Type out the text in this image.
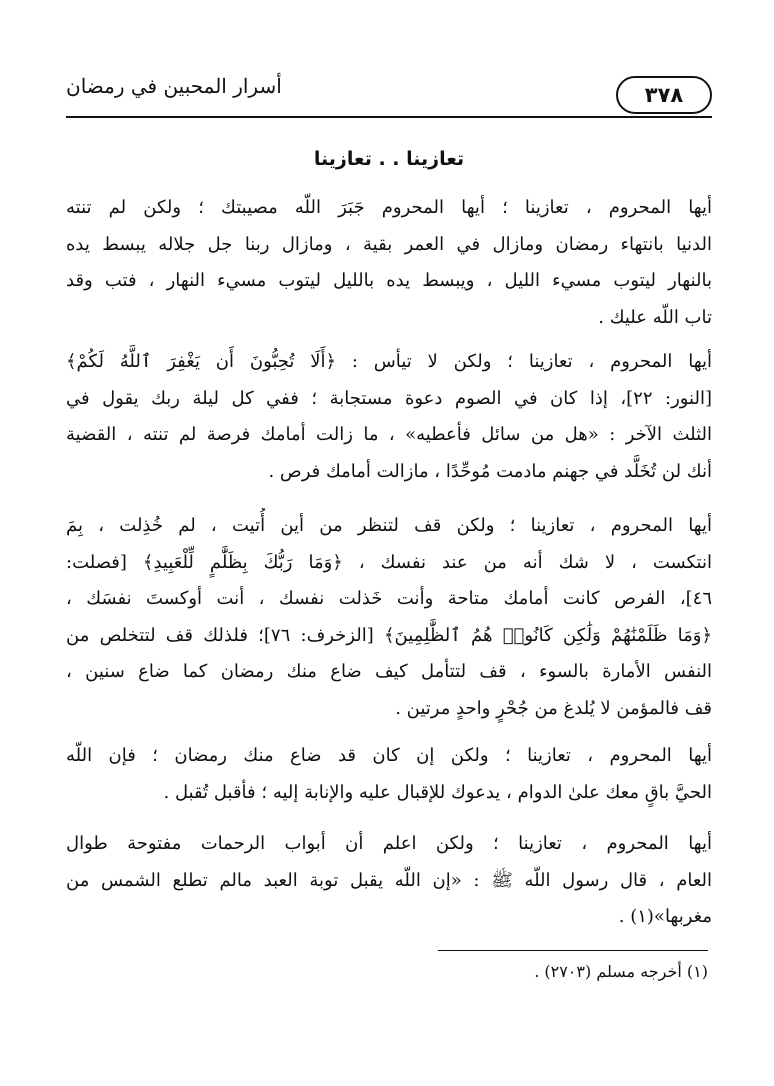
٣٧٨
أسرار المحبين في رمضان
تعازينا . . تعازينا
أيها المحروم ، تعازينا ؛ أيها المحروم جَبَرَ اللّه مصيبتك ؛ ولكن لم تنته
الدنيا بانتهاء رمضان ومازال في العمر بقية ، ومازال ربنا جل جلاله يبسط يده
بالنهار ليتوب مسيء الليل ، ويبسط يده بالليل ليتوب مسيء النهار ، فتب وقد
تاب اللّه عليك .
أيها المحروم ، تعازينا ؛ ولكن لا تيأس : ﴿أَلَا تُحِبُّونَ أَن يَغْفِرَ ٱللَّهُ لَكُمْ﴾
[النور: ٢٢]، إذا كان في الصوم دعوة مستجابة ؛ ففي كل ليلة ربك يقول في
الثلث الآخر : «هل من سائل فأعطيه» ، ما زالت أمامك فرصة لم تنته ، القضية
أنك لن تُخَلَّد في جهنم مادمت مُوحِّدًا ، مازالت أمامك فرص .
أيها المحروم ، تعازينا ؛ ولكن قف لتنظر من أين أُتيت ، لم خُذِلت ، بِمَ
انتكست ، لا شك أنه من عند نفسك ، ﴿وَمَا رَبُّكَ بِظَلَّٰمٍ لِّلْعَبِيدِ﴾ [فصلت:
٤٦]، الفرص كانت أمامك متاحة وأنت خَذلت نفسك ، أنت أوكستَ نفسَك ،
﴿وَمَا ظَلَمْنَٰهُمْ وَلَٰكِن كَانُوا۟ هُمُ ٱلظَّٰلِمِينَ﴾ [الزخرف: ٧٦]؛ فلذلك قف لتتخلص من
النفس الأمارة بالسوء ، قف لتتأمل كيف ضاع منك رمضان كما ضاع سنين ،
قف فالمؤمن لا يُلدغ من جُحْرٍ واحدٍ مرتين .
أيها المحروم ، تعازينا ؛ ولكن إن كان قد ضاع منك رمضان ؛ فإن اللّه
الحيَّ باقٍ معك علىٰ الدوام ، يدعوك للإقبال عليه والإنابة إليه ؛ فأقبل تُقبل .
أيها المحروم ، تعازينا ؛ ولكن اعلم أن أبواب الرحمات مفتوحة طوال
العام ، قال رسول اللّه ﷺ : «إن اللّه يقبل توبة العبد مالم تطلع الشمس من
مغربها»(١) .
(١) أخرجه مسلم (٢٧٠٣) .
